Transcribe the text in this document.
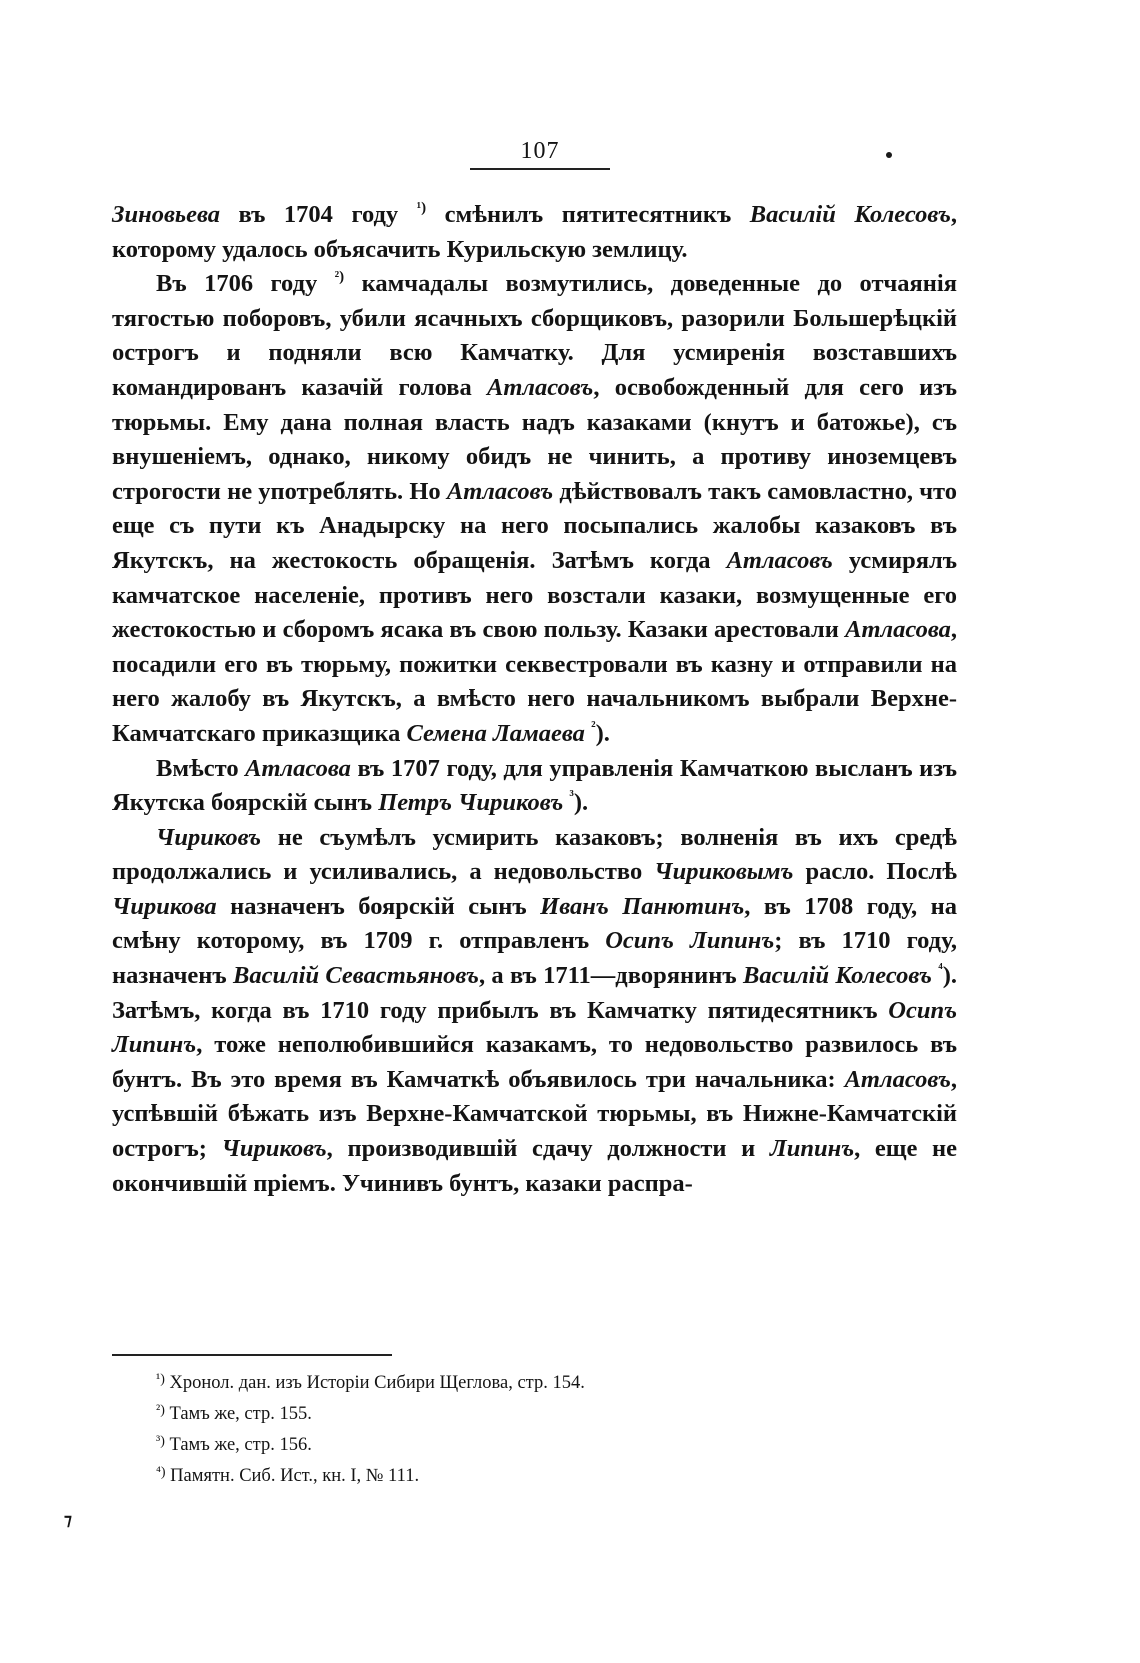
107

Зиновьева въ 1704 году $^{^1)}$ смѣнилъ пятитесятникъ Василій Колесовъ, которому удалось объясачить Курильскую землицу.

Въ 1706 году $^{^2)}$ камчадалы возмутились, доведенные до отчаянія тягостью поборовъ, убили ясачныхъ сборщиковъ, разорили Большерѣцкій острогъ и подняли всю Камчатку. Для усмиренія возставшихъ командированъ казачій голова Атласовъ, освобожденный для сего изъ тюрьмы. Ему дана полная власть надъ казаками (кнутъ и батожье), съ внушеніемъ, однако, никому обидъ не чинить, а противу иноземцевъ строгости не употреблять. Но Атласовъ дѣйствовалъ такъ самовластно, что еще съ пути къ Анадырску на него посыпались жалобы казаковъ въ Якутскъ, на жестокость обращенія. Затѣмъ когда Атласовъ усмирялъ камчатское населеніе, противъ него возстали казаки, возмущенные его жестокостью и сборомъ ясака въ свою пользу. Казаки арестовали Атласова, посадили его въ тюрьму, пожитки секвестровали въ казну и отправили на него жалобу въ Якутскъ, а вмѣсто него начальникомъ выбрали Верхне-Камчатскаго приказщика Семена Ламаева $^{^2}$).

Вмѣсто Атласова въ 1707 году, для управленія Камчаткою высланъ изъ Якутска боярскій сынъ Петръ Чириковъ $^{^3}$).

Чириковъ не съумѣлъ усмирить казаковъ; волненія въ ихъ средѣ продолжались и усиливались, а недовольство Чириковымъ расло. Послѣ Чирикова назначенъ боярскій сынъ Иванъ Панютинъ, въ 1708 году, на смѣну которому, въ 1709 г. отправленъ Осипъ Липинъ; въ 1710 году, назначенъ Василій Севастьяновъ, а въ 1711—двoрянинъ Василій Колесовъ $^{^4}$). Затѣмъ, когда въ 1710 году прибылъ въ Камчатку пятидесятникъ Осипъ Липинъ, тоже неполюбившийся казакамъ, то недовольство развилось въ бунтъ. Въ это время въ Камчаткѣ объявилось три начальника: Атласовъ, успѣвшій бѣжать изъ Верхне-Камчатской тюрьмы, въ Нижне-Камчатскій острогъ; Чириковъ, производившій сдачу должности и Липинъ, еще не окончившій пріемъ. Учинивъ бунтъ, казаки распра-

$^{^1)}$ Хронол. дан. изъ Исторіи Сибири Щеглова, стр. 154.

$^{^2)}$ Тамъ же, стр. 155.

$^{^3)}$ Тамъ же, стр. 156.

$^{^4)}$ Памятн. Сиб. Ист., кн. I, № 111.

⁊
